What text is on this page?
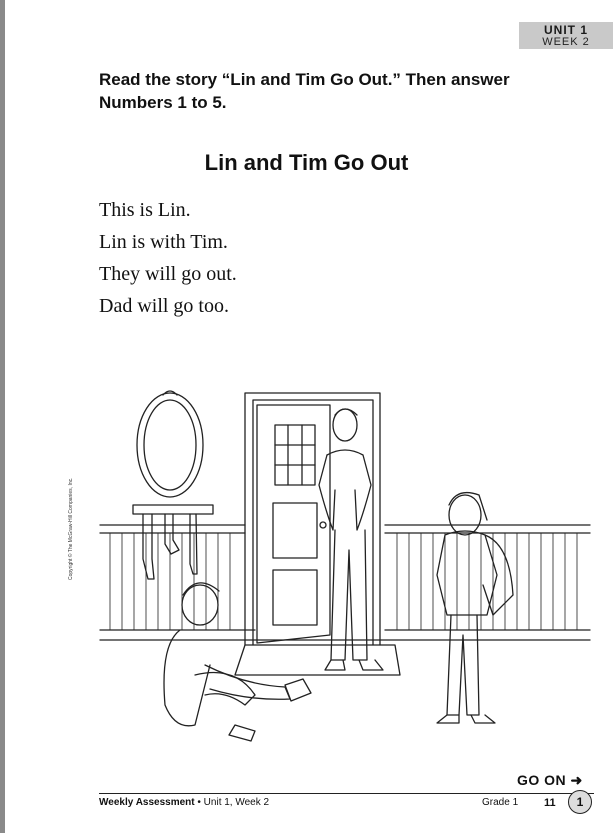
UNIT 1
WEEK 2
Read the story “Lin and Tim Go Out.” Then answer Numbers 1 to 5.
Lin and Tim Go Out
This is Lin.
Lin is with Tim.
They will go out.
Dad will go too.
Copyright © The McGraw-Hill Companies, Inc.
GO ON ➜
Weekly Assessment • Unit 1, Week 2	Grade 1 11	1
